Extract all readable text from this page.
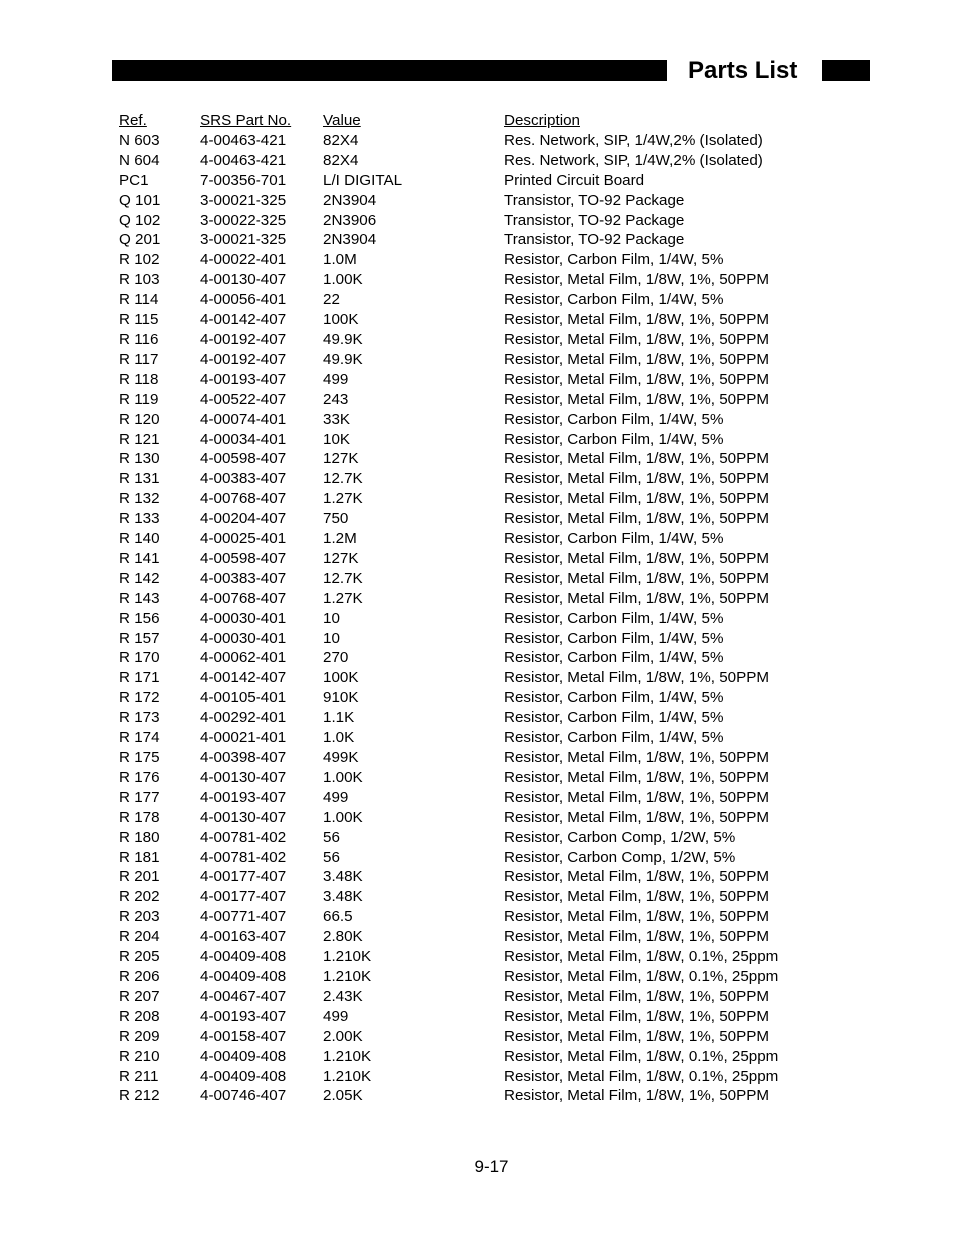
Parts List
Ref.	SRS Part No. Value	Description
N 603	4-00463-421 82X4	Res. Network, SIP, 1/4W,2% (Isolated)
N 604	4-00463-421 82X4	Res. Network, SIP, 1/4W,2% (Isolated)
PC1	7-00356-701 L/I DIGITAL	Printed Circuit Board
Q 101	3-00021-325 2N3904	Transistor, TO-92 Package
Q 102	3-00022-325 2N3906	Transistor, TO-92 Package
Q 201	3-00021-325 2N3904	Transistor, TO-92 Package
R 102	4-00022-401 1.0M	Resistor, Carbon Film, 1/4W, 5%
R 103	4-00130-407 1.00K	Resistor, Metal Film, 1/8W, 1%, 50PPM
R 114	4-00056-401 22	Resistor, Carbon Film, 1/4W, 5%
R 115	4-00142-407 100K	Resistor, Metal Film, 1/8W, 1%, 50PPM
R 116	4-00192-407 49.9K	Resistor, Metal Film, 1/8W, 1%, 50PPM
R 117	4-00192-407 49.9K	Resistor, Metal Film, 1/8W, 1%, 50PPM
R 118	4-00193-407 499	Resistor, Metal Film, 1/8W, 1%, 50PPM
R 119	4-00522-407 243	Resistor, Metal Film, 1/8W, 1%, 50PPM
R 120	4-00074-401 33K	Resistor, Carbon Film, 1/4W, 5%
R 121	4-00034-401 10K	Resistor, Carbon Film, 1/4W, 5%
R 130	4-00598-407 127K	Resistor, Metal Film, 1/8W, 1%, 50PPM
R 131	4-00383-407 12.7K	Resistor, Metal Film, 1/8W, 1%, 50PPM
R 132	4-00768-407 1.27K	Resistor, Metal Film, 1/8W, 1%, 50PPM
R 133	4-00204-407 750	Resistor, Metal Film, 1/8W, 1%, 50PPM
R 140	4-00025-401 1.2M	Resistor, Carbon Film, 1/4W, 5%
R 141	4-00598-407 127K	Resistor, Metal Film, 1/8W, 1%, 50PPM
R 142	4-00383-407 12.7K	Resistor, Metal Film, 1/8W, 1%, 50PPM
R 143	4-00768-407 1.27K	Resistor, Metal Film, 1/8W, 1%, 50PPM
R 156	4-00030-401 10	Resistor, Carbon Film, 1/4W, 5%
R 157	4-00030-401 10	Resistor, Carbon Film, 1/4W, 5%
R 170	4-00062-401 270	Resistor, Carbon Film, 1/4W, 5%
R 171	4-00142-407 100K	Resistor, Metal Film, 1/8W, 1%, 50PPM
R 172	4-00105-401 910K	Resistor, Carbon Film, 1/4W, 5%
R 173	4-00292-401 1.1K	Resistor, Carbon Film, 1/4W, 5%
R 174	4-00021-401 1.0K	Resistor, Carbon Film, 1/4W, 5%
R 175	4-00398-407 499K	Resistor, Metal Film, 1/8W, 1%, 50PPM
R 176	4-00130-407 1.00K	Resistor, Metal Film, 1/8W, 1%, 50PPM
R 177	4-00193-407 499	Resistor, Metal Film, 1/8W, 1%, 50PPM
R 178	4-00130-407 1.00K	Resistor, Metal Film, 1/8W, 1%, 50PPM
R 180	4-00781-402 56	Resistor, Carbon Comp, 1/2W, 5%
R 181	4-00781-402 56	Resistor, Carbon Comp, 1/2W, 5%
R 201	4-00177-407 3.48K	Resistor, Metal Film, 1/8W, 1%, 50PPM
R 202	4-00177-407 3.48K	Resistor, Metal Film, 1/8W, 1%, 50PPM
R 203	4-00771-407 66.5	Resistor, Metal Film, 1/8W, 1%, 50PPM
R 204	4-00163-407 2.80K	Resistor, Metal Film, 1/8W, 1%, 50PPM
R 205	4-00409-408 1.210K	Resistor, Metal Film, 1/8W, 0.1%, 25ppm
R 206	4-00409-408 1.210K	Resistor, Metal Film, 1/8W, 0.1%, 25ppm
R 207	4-00467-407 2.43K	Resistor, Metal Film, 1/8W, 1%, 50PPM
R 208	4-00193-407 499	Resistor, Metal Film, 1/8W, 1%, 50PPM
R 209	4-00158-407 2.00K	Resistor, Metal Film, 1/8W, 1%, 50PPM
R 210	4-00409-408 1.210K	Resistor, Metal Film, 1/8W, 0.1%, 25ppm
R 211	4-00409-408 1.210K	Resistor, Metal Film, 1/8W, 0.1%, 25ppm
R 212	4-00746-407 2.05K	Resistor, Metal Film, 1/8W, 1%, 50PPM
9-17
